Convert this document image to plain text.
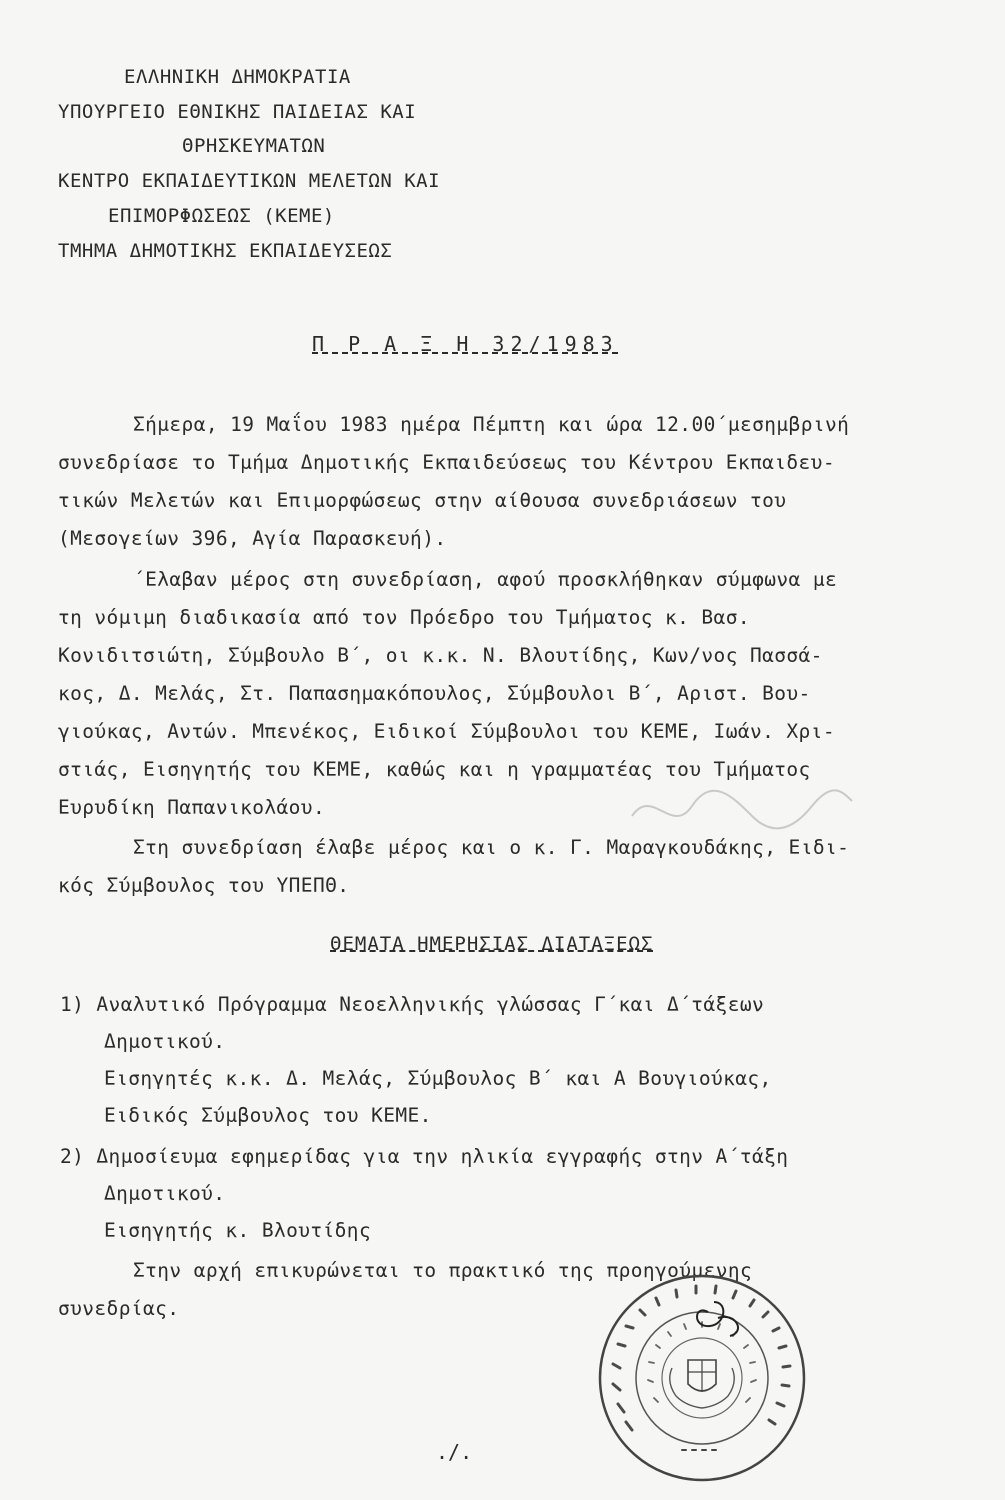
ΕΛΛΗΝΙΚΗ ΔΗΜΟΚΡΑΤΙΑ
ΥΠΟΥΡΓΕΙΟ ΕΘΝΙΚΗΣ ΠΑΙΔΕΙΑΣ ΚΑΙ
ΘΡΗΣΚΕΥΜΑΤΩΝ
ΚΕΝΤΡΟ ΕΚΠΑΙΔΕΥΤΙΚΩΝ ΜΕΛΕΤΩΝ ΚΑΙ
ΕΠΙΜΟΡΦΩΣΕΩΣ (ΚΕΜΕ)
ΤΜΗΜΑ ΔΗΜΟΤΙΚΗΣ ΕΚΠΑΙΔΕΥΣΕΩΣ
Π Ρ Α Ξ Η 32/1983
Σήμερα, 19 Μαΐου 1983 ημέρα Πέμπτη και ώρα 12.00΄μεσημβρινή
συνεδρίασε το Τμήμα Δημοτικής Εκπαιδεύσεως του Κέντρου Εκπαιδευ-
τικών Μελετών και Επιμορφώσεως στην αίθουσα συνεδριάσεων του
(Μεσογείων 396, Αγία Παρασκευή).
΄Ελαβαν μέρος στη συνεδρίαση, αφού προσκλήθηκαν σύμφωνα με
τη νόμιμη διαδικασία από τον Πρόεδρο του Τμήματος κ. Βασ.
Κονιδιτσιώτη, Σύμβουλο Β΄, οι κ.κ. Ν. Βλουτίδης, Κων/νος Πασσά-
κος, Δ. Μελάς, Στ. Παπασημακόπουλος, Σύμβουλοι Β΄, Αριστ. Βου-
γιούκας, Αντών. Μπενέκος, Ειδικοί Σύμβουλοι του ΚΕΜΕ, Ιωάν. Χρι-
στιάς, Εισηγητής του ΚΕΜΕ, καθώς και η γραμματέας του Τμήματος
Ευρυδίκη Παπανικολάου.
Στη συνεδρίαση έλαβε μέρος και ο κ. Γ. Μαραγκουδάκης, Ειδι-
κός Σύμβουλος του ΥΠΕΠΘ.
ΘΕΜΑΤΑ ΗΜΕΡΗΣΙΑΣ ΔΙΑΤΑΞΕΩΣ
1) Αναλυτικό Πρόγραμμα Νεοελληνικής γλώσσας Γ΄και Δ΄τάξεων
Δημοτικού.
Εισηγητές κ.κ. Δ. Μελάς, Σύμβουλος Β΄ και Α Βουγιούκας,
Ειδικός Σύμβουλος του ΚΕΜΕ.
2) Δημοσίευμα εφημερίδας για την ηλικία εγγραφής στην Α΄τάξη
Δημοτικού.
Εισηγητής κ. Βλουτίδης
Στην αρχή επικυρώνεται το πρακτικό της προηγούμενης
συνεδρίας.
./.
